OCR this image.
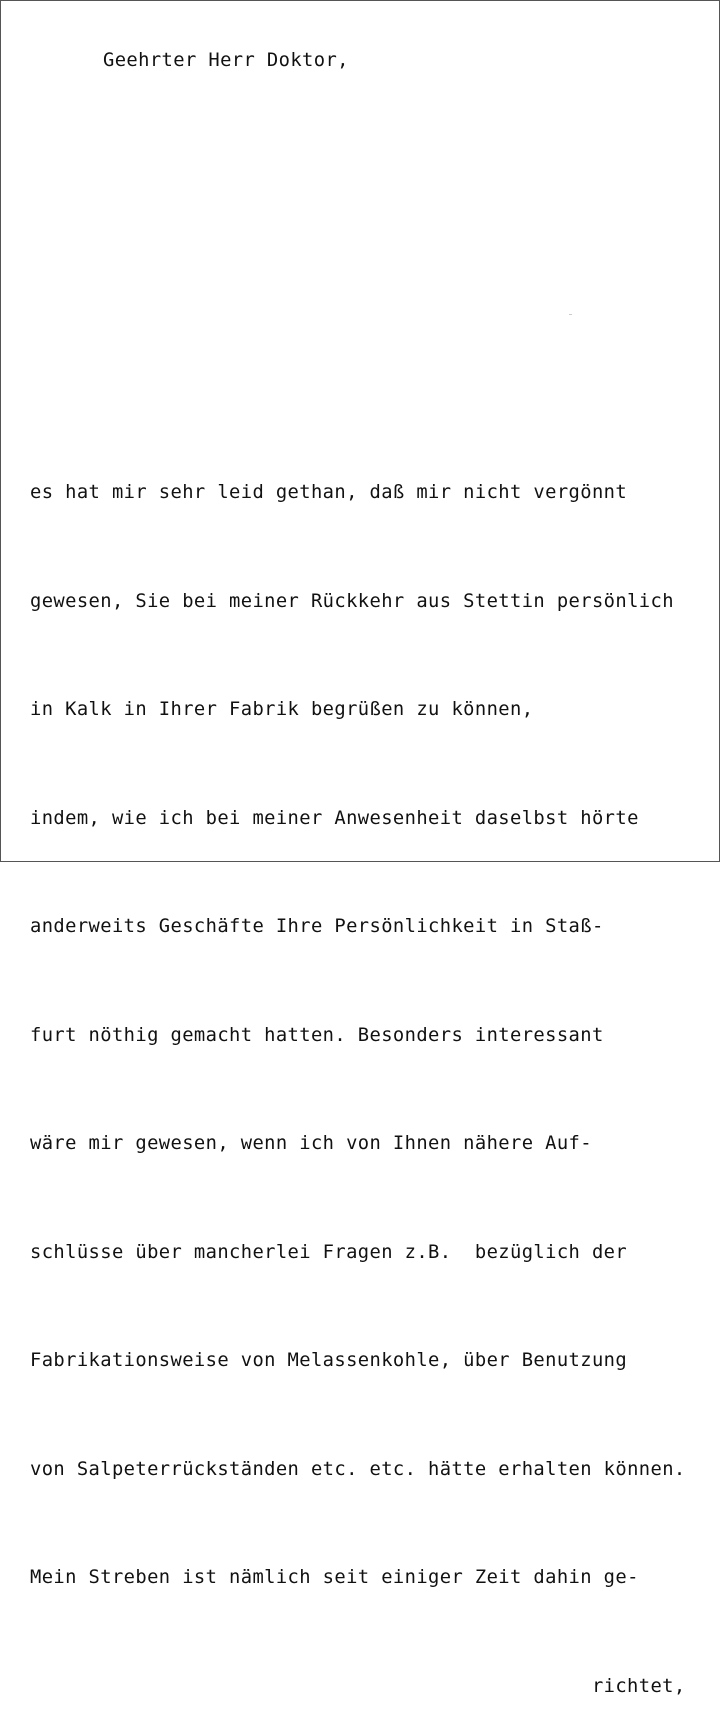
Geehrter Herr Doktor,

es hat mir sehr leid gethan, daß mir nicht vergönnt

gewesen, Sie bei meiner Rückkehr aus Stettin persönlich

in Kalk in Ihrer Fabrik begrüßen zu können,

indem, wie ich bei meiner Anwesenheit daselbst hörte

anderweits Geschäfte Ihre Persönlichkeit in Staß-

furt nöthig gemacht hatten. Besonders interessant

wäre mir gewesen, wenn ich von Ihnen nähere Auf-

schlüsse über mancherlei Fragen z.B.  bezüglich der

Fabrikationsweise von Melassenkohle, über Benutzung

von Salpeterrückständen etc. etc. hätte erhalten können.

Mein Streben ist nämlich seit einiger Zeit dahin ge-

richtet,
